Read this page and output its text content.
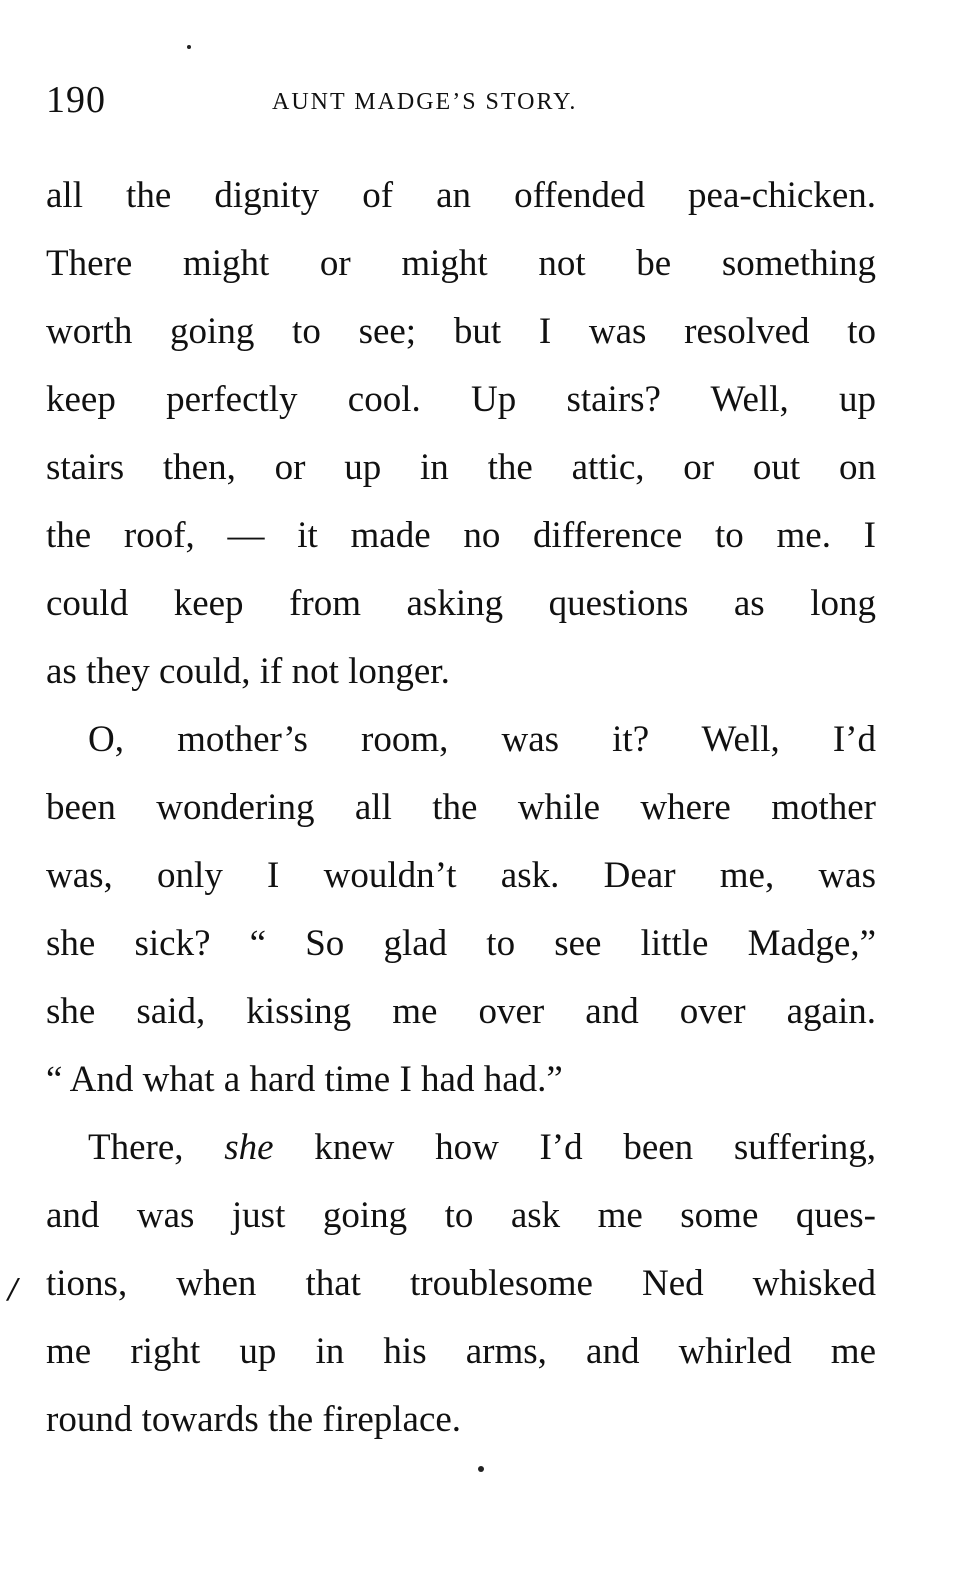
190	AUNT MADGE’S STORY.
all the dignity of an offended pea-chicken.
There might or might not be something
worth going to see; but I was resolved to
keep perfectly cool. Up stairs? Well, up
stairs then, or up in the attic, or out on
the roof, — it made no difference to me. I
could keep from asking questions as long
as they could, if not longer.
O, mother’s room, was it? Well, I’d
been wondering all the while where mother
was, only I wouldn’t ask. Dear me, was
she sick? “ So glad to see little Madge,”
she said, kissing me over and over again.
“ And what a hard time I had had.”
There, she knew how I’d been suffering,
and was just going to ask me some ques-
tions, when that troublesome Ned whisked
me right up in his arms, and whirled me
round towards the fireplace.
/
